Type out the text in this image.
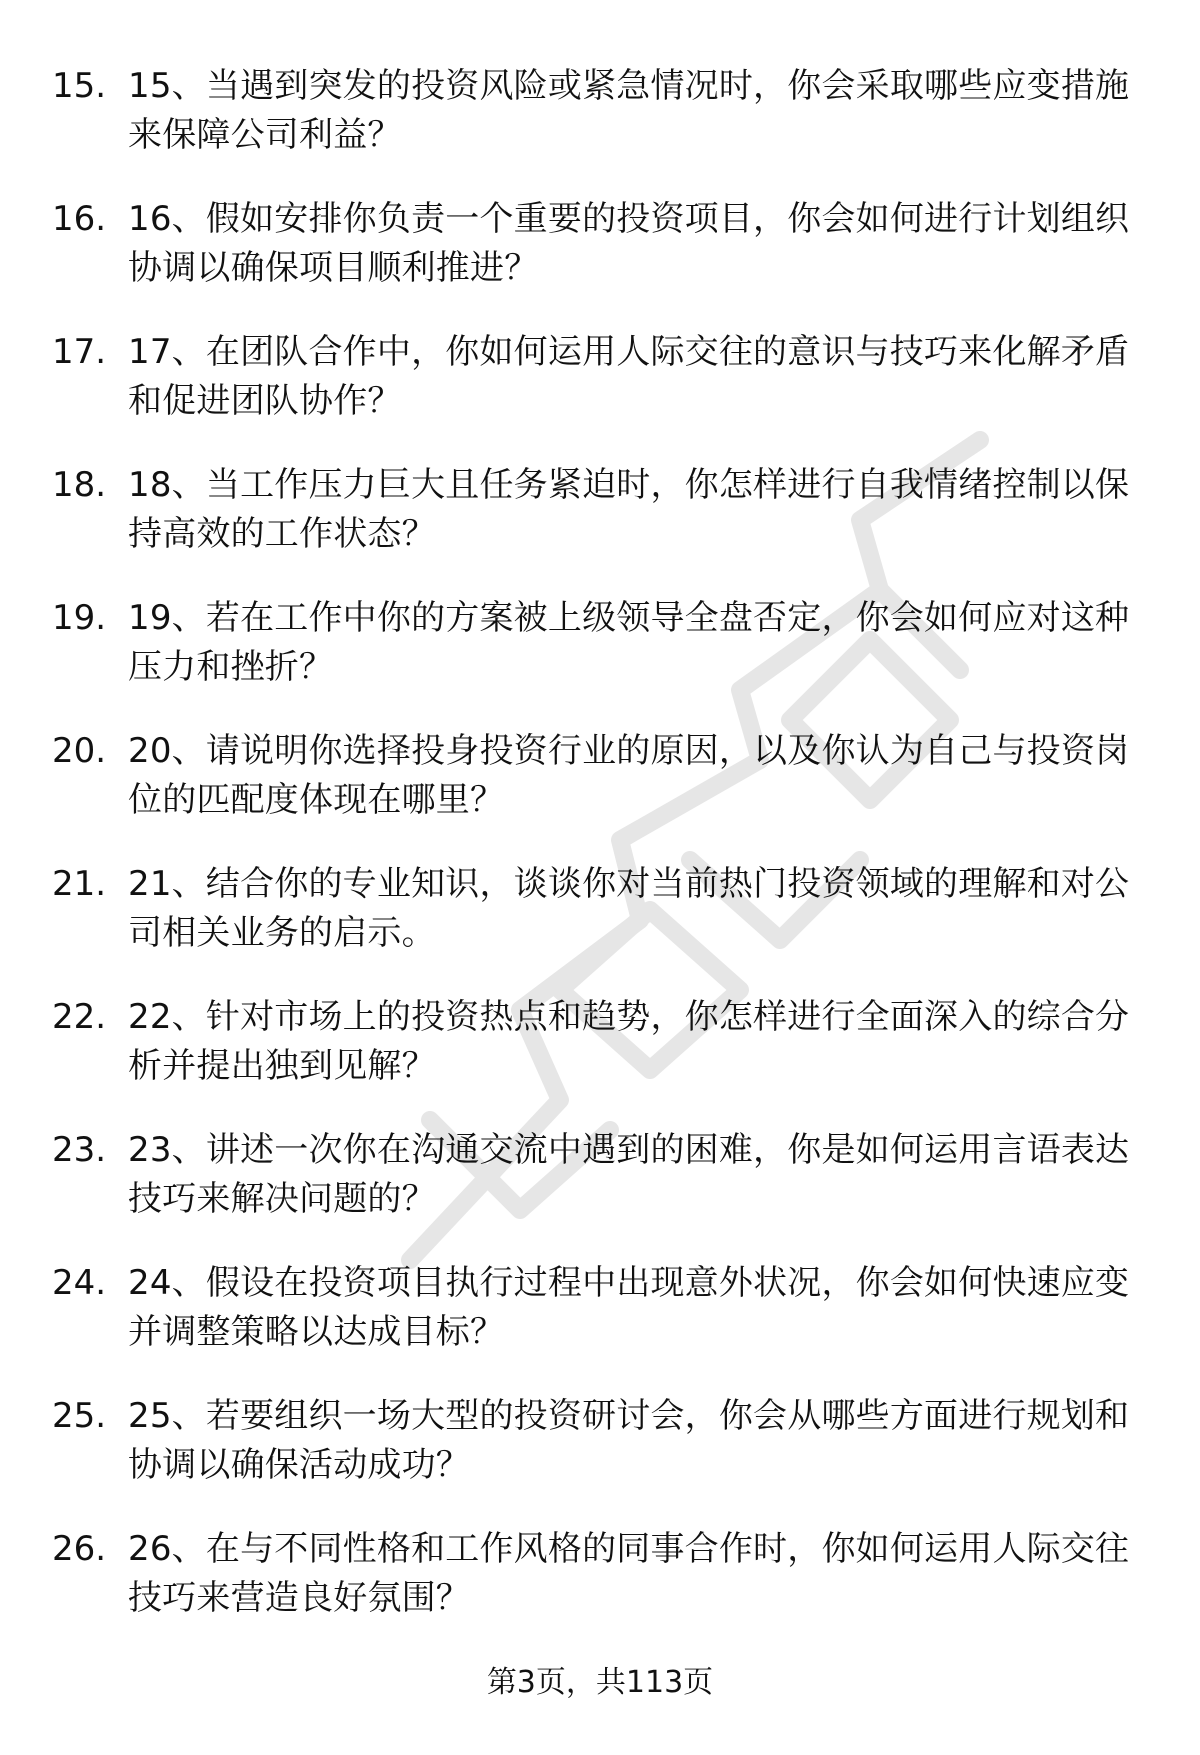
15. 15、当遇到突发的投资风险或紧急情况时，你会采取哪些应变措施来保障公司利益？
16. 16、假如安排你负责一个重要的投资项目，你会如何进行计划组织协调以确保项目顺利推进？
17. 17、在团队合作中，你如何运用人际交往的意识与技巧来化解矛盾和促进团队协作？
18. 18、当工作压力巨大且任务紧迫时，你怎样进行自我情绪控制以保持高效的工作状态？
19. 19、若在工作中你的方案被上级领导全盘否定，你会如何应对这种压力和挫折？
20. 20、请说明你选择投身投资行业的原因，以及你认为自己与投资岗位的匹配度体现在哪里？
21. 21、结合你的专业知识，谈谈你对当前热门投资领域的理解和对公司相关业务的启示。
22. 22、针对市场上的投资热点和趋势，你怎样进行全面深入的综合分析并提出独到见解？
23. 23、讲述一次你在沟通交流中遇到的困难，你是如何运用言语表达技巧来解决问题的？
24. 24、假设在投资项目执行过程中出现意外状况，你会如何快速应变并调整策略以达成目标？
25. 25、若要组织一场大型的投资研讨会，你会从哪些方面进行规划和协调以确保活动成功？
26. 26、在与不同性格和工作风格的同事合作时，你如何运用人际交往技巧来营造良好氛围？
第3页，共113页
